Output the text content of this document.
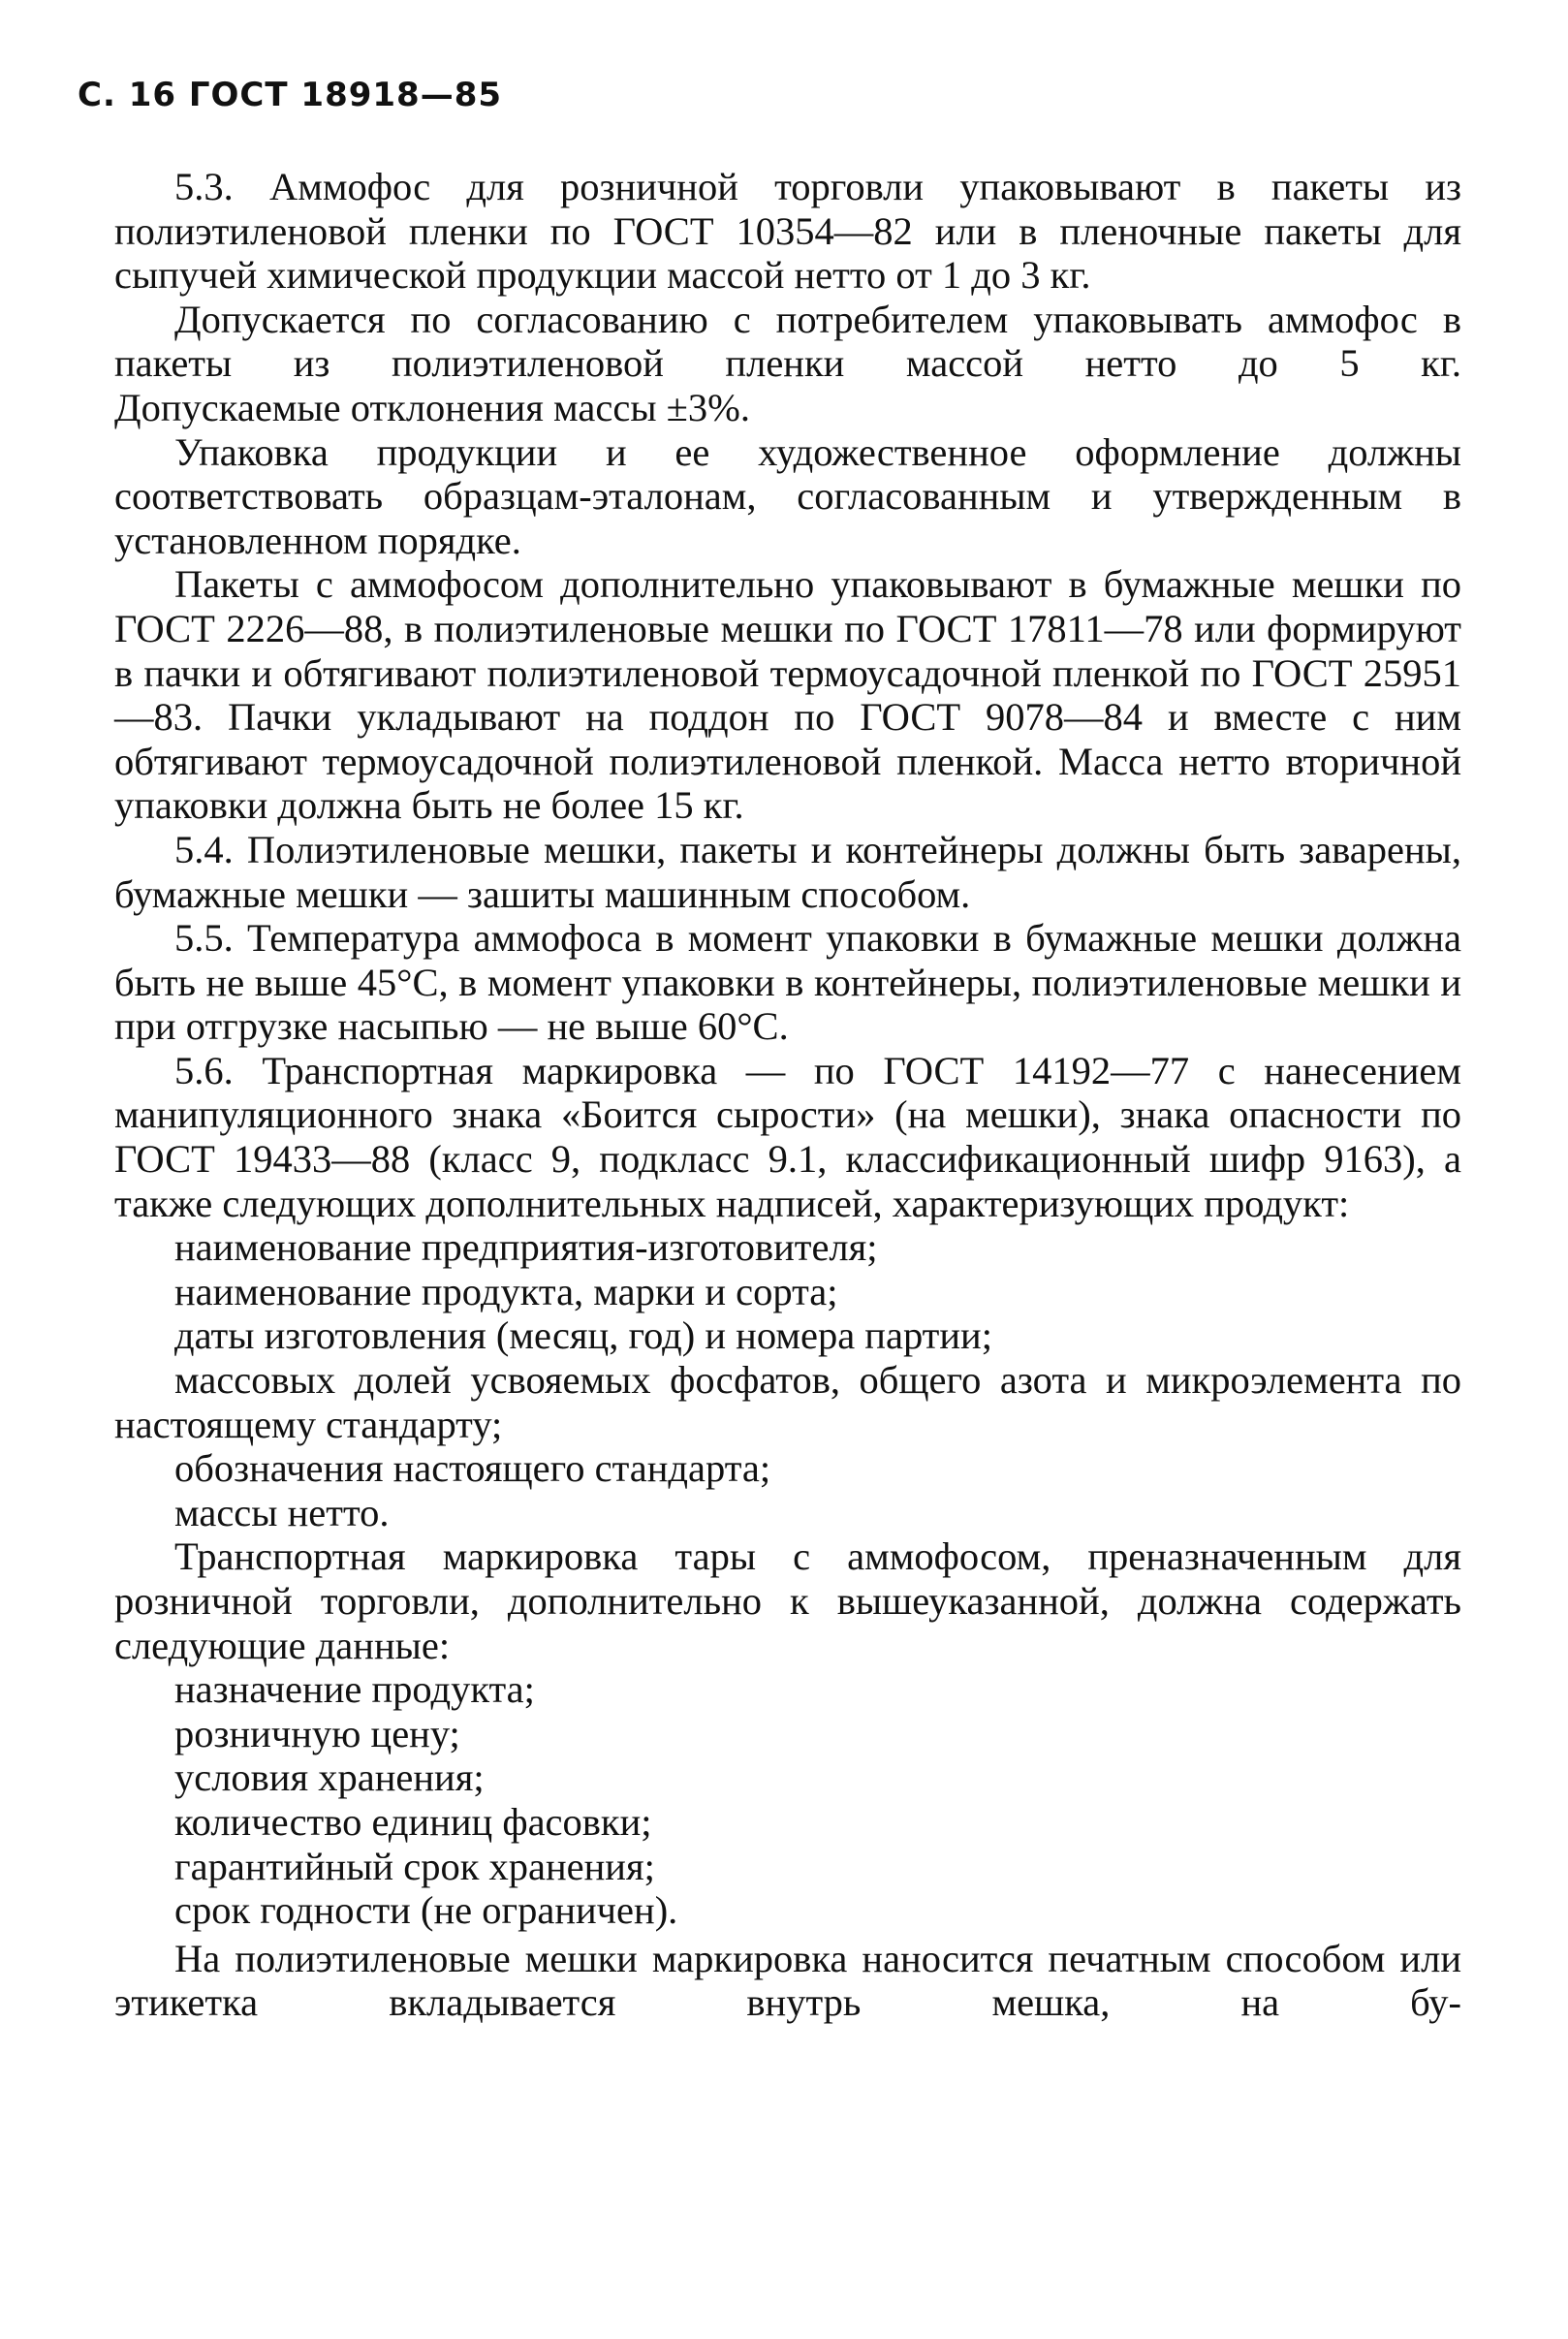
С. 16 ГОСТ 18918—85

5.3. Аммофос для розничной торговли упаковывают в пакеты из полиэтиленовой пленки по ГОСТ 10354—82 или в пленочные пакеты для сыпучей химической продукции массой нетто от 1 до 3 кг.

Допускается по согласованию с потребителем упаковывать аммофос в пакеты из полиэтиленовой пленки массой нетто до 5 кг.

Допускаемые отклонения массы ±3%.

Упаковка продукции и ее художественное оформление должны соответствовать образцам-эталонам, согласованным и утвержденным в установленном порядке.

Пакеты с аммофосом дополнительно упаковывают в бумажные мешки по ГОСТ 2226—88, в полиэтиленовые мешки по ГОСТ 17811—78 или формируют в пачки и обтягивают полиэтиленовой термоусадочной пленкой по ГОСТ 25951—83. Пачки укладывают на поддон по ГОСТ 9078—84 и вместе с ним обтягивают термоусадочной полиэтиленовой пленкой. Масса нетто вторичной упаковки должна быть не более 15 кг.

5.4. Полиэтиленовые мешки, пакеты и контейнеры должны быть заварены, бумажные мешки — зашиты машинным способом.

5.5. Температура аммофоса в момент упаковки в бумажные мешки должна быть не выше 45°С, в момент упаковки в контейнеры, полиэтиленовые мешки и при отгрузке насыпью — не выше 60°С.

5.6. Транспортная маркировка — по ГОСТ 14192—77 с нанесением манипуляционного знака «Боится сырости» (на мешки), знака опасности по ГОСТ 19433—88 (класс 9, подкласс 9.1, классификационный шифр 9163), а также следующих дополнительных надписей, характеризующих продукт:

наименование предприятия-изготовителя;

наименование продукта, марки и сорта;

даты изготовления (месяц, год) и номера партии;

массовых долей усвояемых фосфатов, общего азота и микроэлемента по настоящему стандарту;

обозначения настоящего стандарта;

массы нетто.

Транспортная маркировка тары с аммофосом, преназначенным для розничной торговли, дополнительно к вышеуказанной, должна содержать следующие данные:

назначение продукта;

розничную цену;

условия хранения;

количество единиц фасовки;

гарантийный срок хранения;

срок годности (не ограничен).

На полиэтиленовые мешки маркировка наносится печатным способом или этикетка вкладывается внутрь мешка, на бу-
